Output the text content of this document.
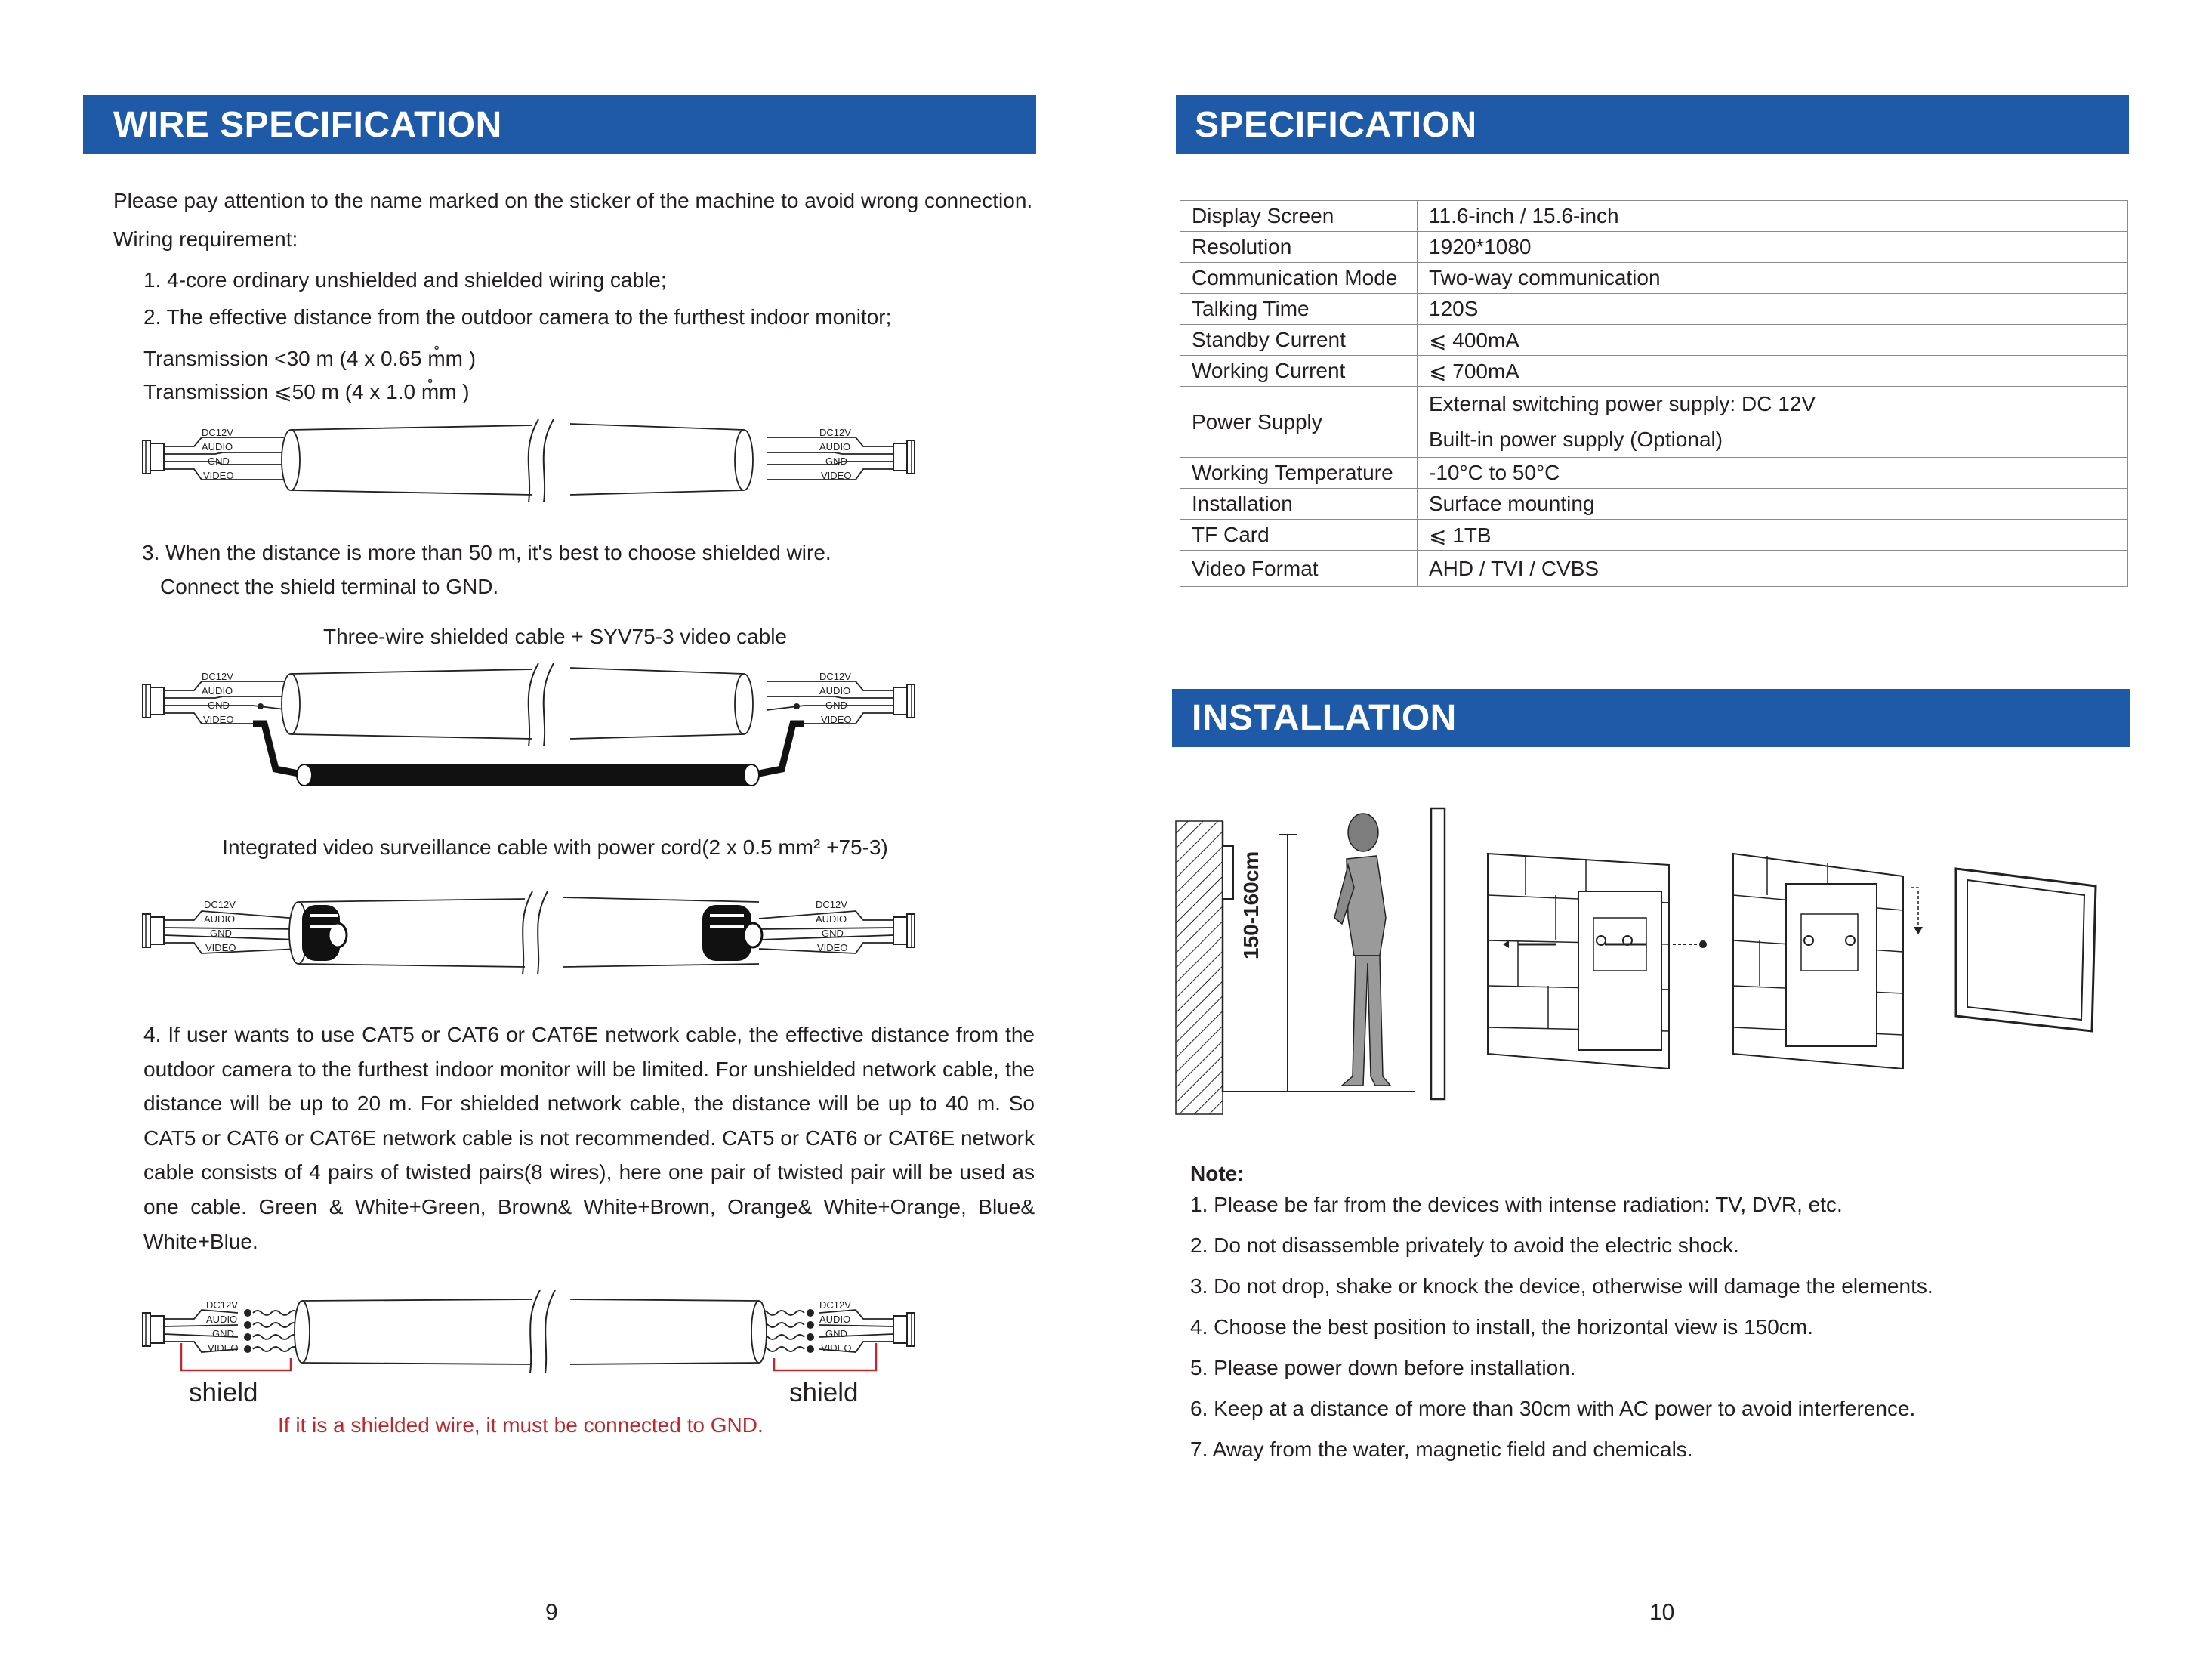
WIRE SPECIFICATION
Please pay attention to the name marked on the sticker of the machine to avoid wrong connection.
Wiring requirement:
1. 4-core ordinary unshielded and shielded wiring cable;
2. The effective distance from the outdoor camera to the furthest indoor monitor;
Transmission <30 m (4 x 0.65 m̊m )
Transmission ⩽50 m (4 x 1.0 m̊m )
DC12V
AUDIO
GND
VIDEO
DC12V
AUDIO
GND
VIDEO
3. When the distance is more than 50 m, it's best to choose shielded wire.
Connect the shield terminal to GND.
Three-wire shielded cable + SYV75-3 video cable
DC12V
AUDIO
GND
VIDEO
DC12V
AUDIO
GND
VIDEO
Integrated video surveillance cable with power cord(2 x 0.5 mm² +75-3)
DC12V
AUDIO
GND
VIDEO
DC12V
AUDIO
GND
VIDEO
4. If user wants to use CAT5 or CAT6 or CAT6E network cable, the effective distance from the outdoor camera to the furthest indoor monitor will be limited. For unshielded network cable, the distance will be up to 20 m. For shielded network cable, the distance will be up to 40 m. So CAT5 or CAT6 or CAT6E network cable is not recommended. CAT5 or CAT6 or CAT6E network cable consists of 4 pairs of twisted pairs(8 wires), here one pair of twisted pair will be used as one cable. Green & White+Green, Brown& White+Brown, Orange& White+Orange, Blue& White+Blue.
DC12V
AUDIO
GND
VIDEO
DC12V
AUDIO
GND
VIDEO
shield	shield
If it is a shielded wire, it must be connected to GND.
9
SPECIFICATION
Display Screen	11.6-inch / 15.6-inch
Resolution	1920*1080
Communication Mode	Two-way communication
Talking Time	120S
Standby Current	⩽ 400mA
Working Current	⩽ 700mA
Power Supply	External switching power supply: DC 12V
	Built-in power supply (Optional)
Working Temperature	-10°C to 50°C
Installation	Surface mounting
TF Card	⩽ 1TB
Video Format	AHD / TVI / CVBS
INSTALLATION
150-160cm
Note:
1. Please be far from the devices with intense radiation: TV, DVR, etc.
2. Do not disassemble privately to avoid the electric shock.
3. Do not drop, shake or knock the device, otherwise will damage the elements.
4. Choose the best position to install, the horizontal view is 150cm.
5. Please power down before installation.
6. Keep at a distance of more than 30cm with AC power to avoid interference.
7. Away from the water, magnetic field and chemicals.
10
